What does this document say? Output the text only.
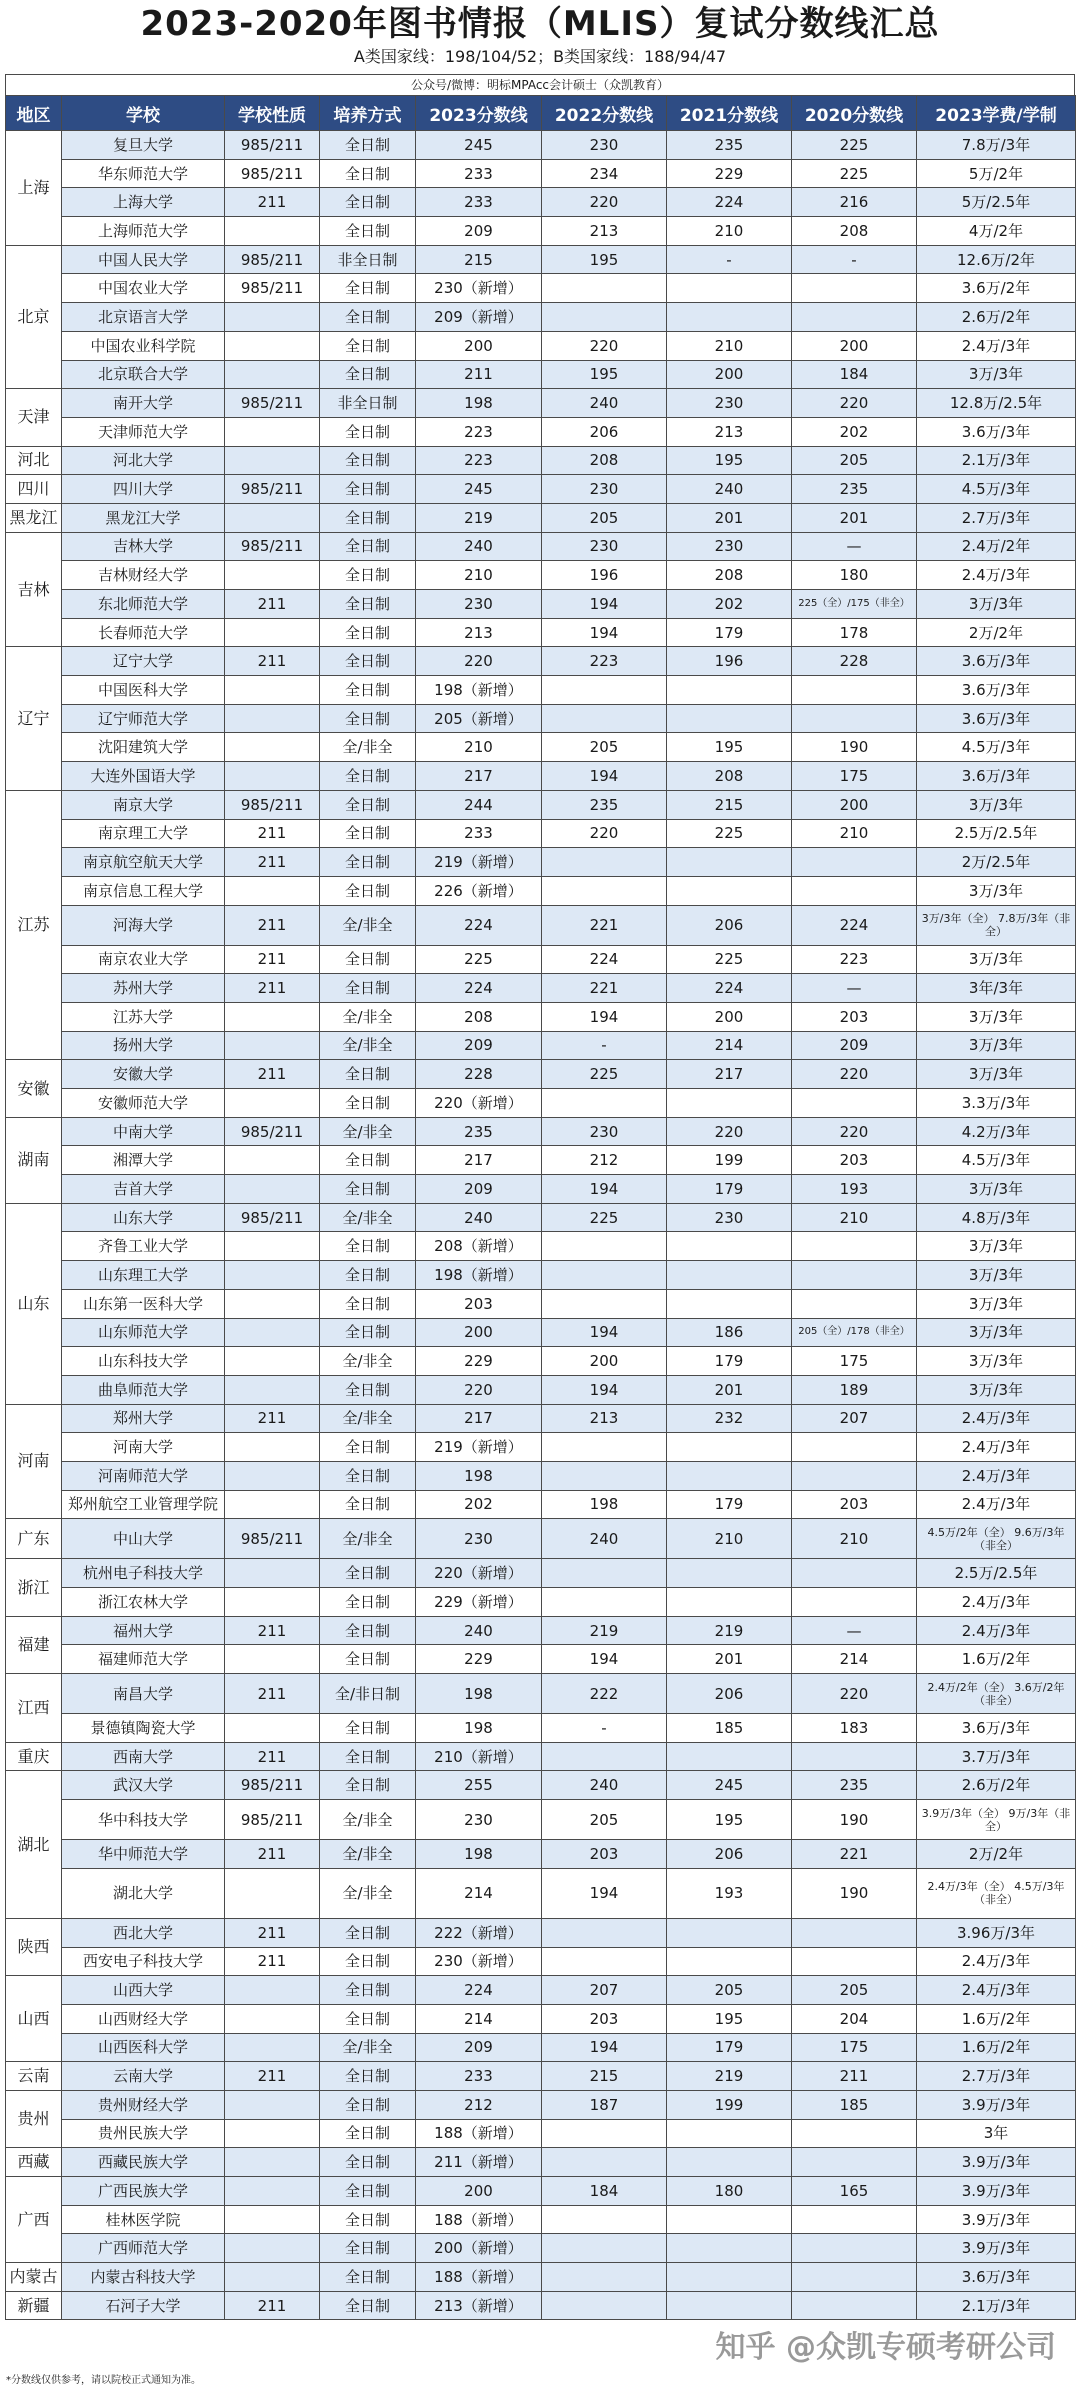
2023-2020年图书情报（MLIS）复试分数线汇总
A类国家线：198/104/52；B类国家线：188/94/47
公众号/微博：明标MPAcc会计硕士（众凯教育）
地区	学校	学校性质	培养方式	2023分数线	2022分数线	2021分数线	2020分数线	2023学费/学制
上海	复旦大学	985/211	全日制	245	230	235	225	7.8万/3年
	华东师范大学	985/211	全日制	233	234	229	225	5万/2年
	上海大学	211	全日制	233	220	224	216	5万/2.5年
	上海师范大学		全日制	209	213	210	208	4万/2年
北京	中国人民大学	985/211	非全日制	215	195	-	-	12.6万/2年
	中国农业大学	985/211	全日制	230（新增）				3.6万/2年
	北京语言大学		全日制	209（新增）				2.6万/2年
	中国农业科学院		全日制	200	220	210	200	2.4万/3年
	北京联合大学		全日制	211	195	200	184	3万/3年
天津	南开大学	985/211	非全日制	198	240	230	220	12.8万/2.5年
	天津师范大学		全日制	223	206	213	202	3.6万/3年
河北	河北大学		全日制	223	208	195	205	2.1万/3年
四川	四川大学	985/211	全日制	245	230	240	235	4.5万/3年
黑龙江	黑龙江大学		全日制	219	205	201	201	2.7万/3年
吉林	吉林大学	985/211	全日制	240	230	230	—	2.4万/2年
	吉林财经大学		全日制	210	196	208	180	2.4万/3年
	东北师范大学	211	全日制	230	194	202	225（全）/175（非全）	3万/3年
	长春师范大学		全日制	213	194	179	178	2万/2年
辽宁	辽宁大学	211	全日制	220	223	196	228	3.6万/3年
	中国医科大学		全日制	198（新增）				3.6万/3年
	辽宁师范大学		全日制	205（新增）				3.6万/3年
	沈阳建筑大学		全/非全	210	205	195	190	4.5万/3年
	大连外国语大学		全日制	217	194	208	175	3.6万/3年
江苏	南京大学	985/211	全日制	244	235	215	200	3万/3年
	南京理工大学	211	全日制	233	220	225	210	2.5万/2.5年
	南京航空航天大学	211	全日制	219（新增）				2万/2.5年
	南京信息工程大学		全日制	226（新增）				3万/3年
	河海大学	211	全/非全	224	221	206	224	3万/3年（全） 7.8万/3年（非全）
	南京农业大学	211	全日制	225	224	225	223	3万/3年
	苏州大学	211	全日制	224	221	224	—	3年/3年
	江苏大学		全/非全	208	194	200	203	3万/3年
	扬州大学		全/非全	209	-	214	209	3万/3年
安徽	安徽大学	211	全日制	228	225	217	220	3万/3年
	安徽师范大学		全日制	220（新增）				3.3万/3年
湖南	中南大学	985/211	全/非全	235	230	220	220	4.2万/3年
	湘潭大学		全日制	217	212	199	203	4.5万/3年
	吉首大学		全日制	209	194	179	193	3万/3年
山东	山东大学	985/211	全/非全	240	225	230	210	4.8万/3年
	齐鲁工业大学		全日制	208（新增）				3万/3年
	山东理工大学		全日制	198（新增）				3万/3年
	山东第一医科大学		全日制	203				3万/3年
	山东师范大学		全日制	200	194	186	205（全）/178（非全）	3万/3年
	山东科技大学		全/非全	229	200	179	175	3万/3年
	曲阜师范大学		全日制	220	194	201	189	3万/3年
河南	郑州大学	211	全/非全	217	213	232	207	2.4万/3年
	河南大学		全日制	219（新增）				2.4万/3年
	河南师范大学		全日制	198				2.4万/3年
	郑州航空工业管理学院		全日制	202	198	179	203	2.4万/3年
广东	中山大学	985/211	全/非全	230	240	210	210	4.5万/2年（全） 9.6万/3年（非全）
浙江	杭州电子科技大学		全日制	220（新增）				2.5万/2.5年
	浙江农林大学		全日制	229（新增）				2.4万/3年
福建	福州大学	211	全日制	240	219	219	—	2.4万/3年
	福建师范大学		全日制	229	194	201	214	1.6万/2年
江西	南昌大学	211	全/非日制	198	222	206	220	2.4万/2年（全） 3.6万/2年（非全）
	景德镇陶瓷大学		全日制	198	-	185	183	3.6万/3年
重庆	西南大学	211	全日制	210（新增）				3.7万/3年
湖北	武汉大学	985/211	全日制	255	240	245	235	2.6万/2年
	华中科技大学	985/211	全/非全	230	205	195	190	3.9万/3年（全） 9万/3年（非全）
	华中师范大学	211	全/非全	198	203	206	221	2万/2年
	湖北大学		全/非全	214	194	193	190	2.4万/3年（全） 4.5万/3年（非全）
陕西	西北大学	211	全日制	222（新增）				3.96万/3年
	西安电子科技大学	211	全日制	230（新增）				2.4万/3年
山西	山西大学		全日制	224	207	205	205	2.4万/3年
	山西财经大学		全日制	214	203	195	204	1.6万/2年
	山西医科大学		全/非全	209	194	179	175	1.6万/2年
云南	云南大学	211	全日制	233	215	219	211	2.7万/3年
贵州	贵州财经大学		全日制	212	187	199	185	3.9万/3年
	贵州民族大学		全日制	188（新增）				3年
西藏	西藏民族大学		全日制	211（新增）				3.9万/3年
广西	广西民族大学		全日制	200	184	180	165	3.9万/3年
	桂林医学院		全日制	188（新增）				3.9万/3年
	广西师范大学		全日制	200（新增）				3.9万/3年
内蒙古	内蒙古科技大学		全日制	188（新增）				3.6万/3年
新疆	石河子大学	211	全日制	213（新增）				2.1万/3年
*分数线仅供参考，请以院校正式通知为准。
知乎 @众凯专硕考研公司
